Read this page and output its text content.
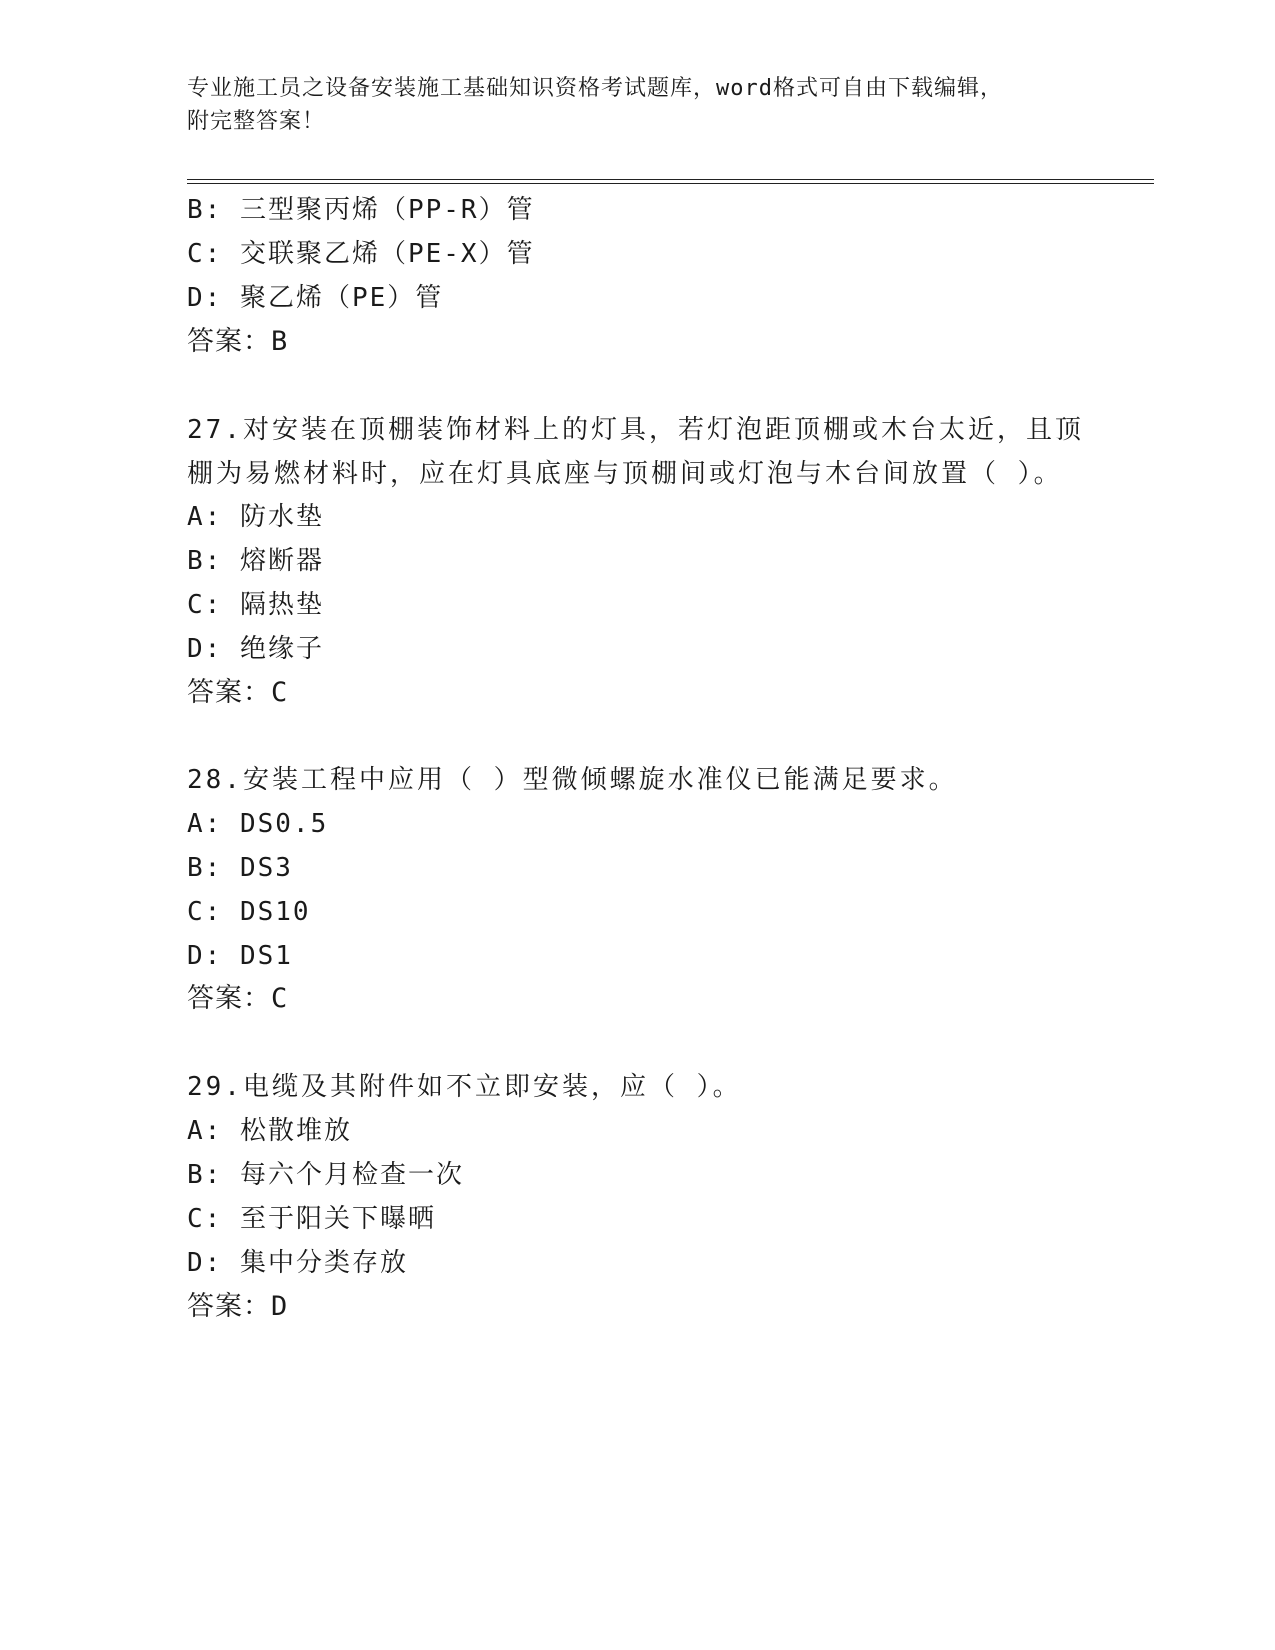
专业施工员之设备安装施工基础知识资格考试题库，word格式可自由下载编辑，
附完整答案！
B: 三型聚丙烯（PP-R）管
C: 交联聚乙烯（PE-X）管
D: 聚乙烯（PE）管
答案：B
27.对安装在顶棚装饰材料上的灯具，若灯泡距顶棚或木台太近，且顶
棚为易燃材料时，应在灯具底座与顶棚间或灯泡与木台间放置（ ）。
A: 防水垫
B: 熔断器
C: 隔热垫
D: 绝缘子
答案：C
28.安装工程中应用（ ）型微倾螺旋水准仪已能满足要求。
A: DS0.5
B: DS3
C: DS10
D: DS1
答案：C
29.电缆及其附件如不立即安装，应（ ）。
A: 松散堆放
B: 每六个月检查一次
C: 至于阳关下曝晒
D: 集中分类存放
答案：D
